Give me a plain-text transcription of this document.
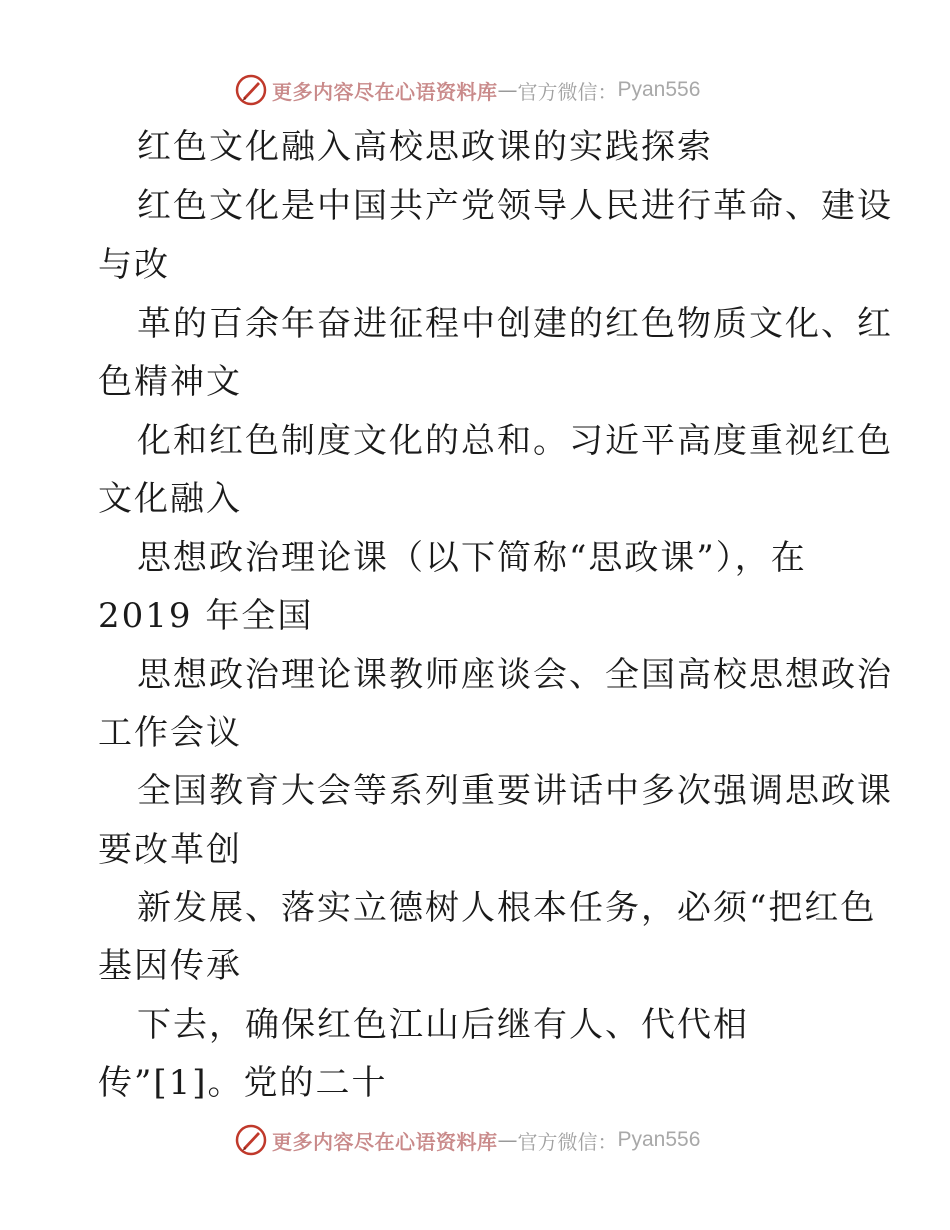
更多内容尽在心语资料库 — 官方微信： Pyan556
红色文化融入高校思政课的实践探索
红色文化是中国共产党领导人民进行革命、建设
与改
革的百余年奋进征程中创建的红色物质文化、红
色精神文
化和红色制度文化的总和。习近平高度重视红色
文化融入
思想政治理论课（以下简称“思政课”），在
2019 年全国
思想政治理论课教师座谈会、全国高校思想政治
工作会议
全国教育大会等系列重要讲话中多次强调思政课
要改革创
新发展、落实立德树人根本任务，必须“把红色
基因传承
下去，确保红色江山后继有人、代代相
传”[1]。党的二十
更多内容尽在心语资料库 — 官方微信： Pyan556
